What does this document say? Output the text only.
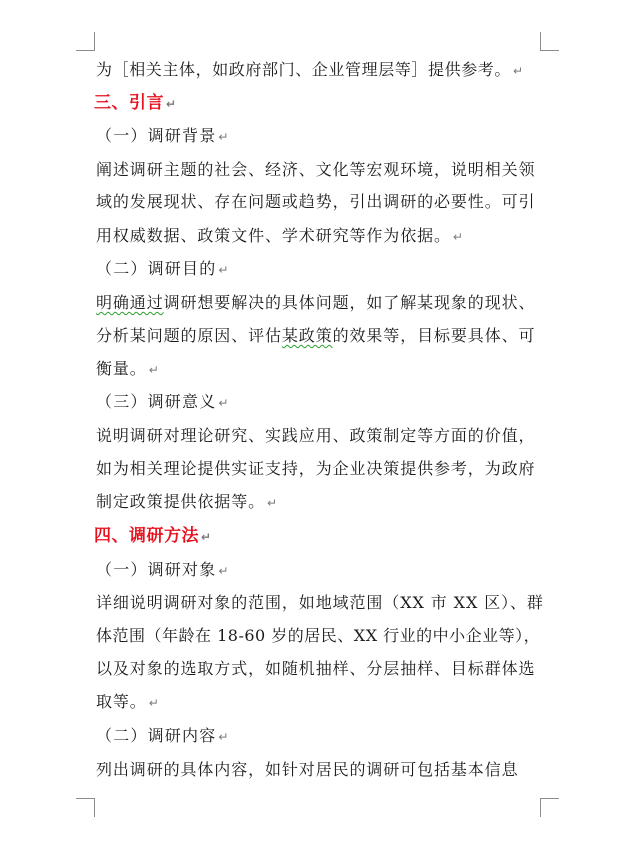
为［相关主体，如政府部门、企业管理层等］提供参考。 ↵
三、引言 ↵
（一）调研背景 ↵
阐述调研主题的社会、经济、文化等宏观环境，说明相关领
域的发展现状、存在问题或趋势，引出调研的必要性。可引
用权威数据、政策文件、学术研究等作为依据。 ↵
（二）调研目的 ↵
明确通过调研想要解决的具体问题，如了解某现象的现状、
分析某问题的原因、评估某政策的效果等，目标要具体、可
衡量。 ↵
（三）调研意义 ↵
说明调研对理论研究、实践应用、政策制定等方面的价值，
如为相关理论提供实证支持，为企业决策提供参考，为政府
制定政策提供依据等。 ↵
四、调研方法 ↵
（一）调研对象 ↵
详细说明调研对象的范围，如地域范围（XX 市 XX 区）、群
体范围（年龄在 18-60 岁的居民、XX 行业的中小企业等），
以及对象的选取方式，如随机抽样、分层抽样、目标群体选
取等。 ↵
（二）调研内容 ↵
列出调研的具体内容，如针对居民的调研可包括基本信息
